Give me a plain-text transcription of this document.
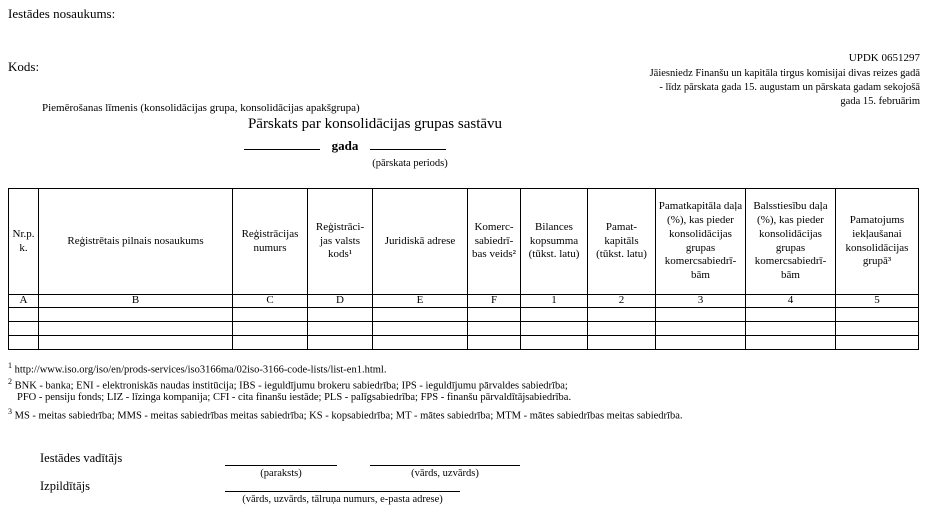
Iestādes nosaukums:
Kods:
UPDK 0651297
Jāiesniedz Finanšu un kapitāla tirgus komisijai divas reizes gadā
- līdz pārskata gada 15. augustam un pārskata gadam sekojošā
gada 15. februārim
Piemērošanas līmenis (konsolidācijas grupa, konsolidācijas apakšgrupa)
Pārskats par konsolidācijas grupas sastāvu
gada
(pārskata periods)
Nr.p. k.	Reģistrētais pilnais nosaukums	Reģistrācijas numurs	Reģistrāci-jas valsts kods¹	Juridiskā adrese	Komerc-sabiedrī-bas veids²	Bilances kopsumma (tūkst. latu)	Pamat-kapitāls (tūkst. latu)	Pamatkapitāla daļa (%), kas pieder konsolidācijas grupas komercsabiedrī-bām	Balsstiesību daļa (%), kas pieder konsolidācijas grupas komercsabiedrī-bām	Pamatojums iekļaušanai konsolidācijas grupā³
A	B	C	D	E	F	1	2	3	4	5

$^1$ http://www.iso.org/iso/en/prods-services/iso3166ma/02iso-3166-code-lists/list-en1.html.
$^2$ BNK - banka; ENI - elektroniskās naudas institūcija; IBS - ieguldījumu brokeru sabiedrība; IPS - ieguldījumu pārvaldes sabiedrība;
PFO - pensiju fonds; LIZ - līzinga kompanija; CFI - cita finanšu iestāde; PLS - palīgsabiedrība; FPS - finanšu pārvaldītājsabiedrība.
$^3$ MS - meitas sabiedrība; MMS - meitas sabiedrības meitas sabiedrība; KS - kopsabiedrība; MT - mātes sabiedrība; MTM - mātes sabiedrības meitas sabiedrība.
Iestādes vadītājs
(paraksts)	(vārds, uzvārds)
Izpildītājs
(vārds, uzvārds, tālruņa numurs, e-pasta adrese)
